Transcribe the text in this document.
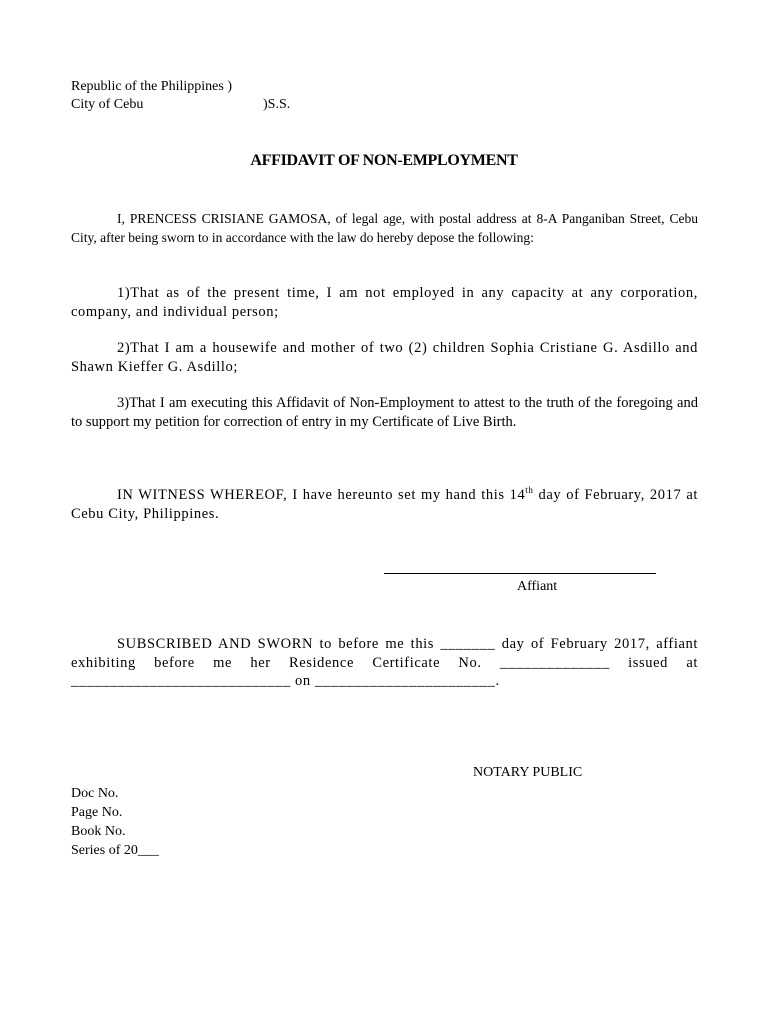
Republic of the Philippines )
City of Cebu	)S.S.
AFFIDAVIT OF NON-EMPLOYMENT

I, PRENCESS CRISIANE GAMOSA, of legal age, with postal address at 8-A Panganiban Street, Cebu City, after being sworn to in accordance with the law do hereby depose the following:

1)That as of the present time, I am not employed in any capacity at any corporation, company, and individual person;

2)That I am a housewife and mother of two (2) children Sophia Cristiane G. Asdillo and Shawn Kieffer G. Asdillo;

3)That I am executing this Affidavit of Non-Employment to attest to the truth of the foregoing and to support my petition for correction of entry in my Certificate of Live Birth.

IN WITNESS WHEREOF, I have hereunto set my hand this 14th day of February, 2017 at Cebu City, Philippines.

Affiant

SUBSCRIBED AND SWORN to before me this _______ day of February 2017, affiant exhibiting before me her Residence Certificate No. ______________ issued at ____________________________ on _______________________.

NOTARY PUBLIC
Doc No.
Page No.
Book No.
Series of 20___
